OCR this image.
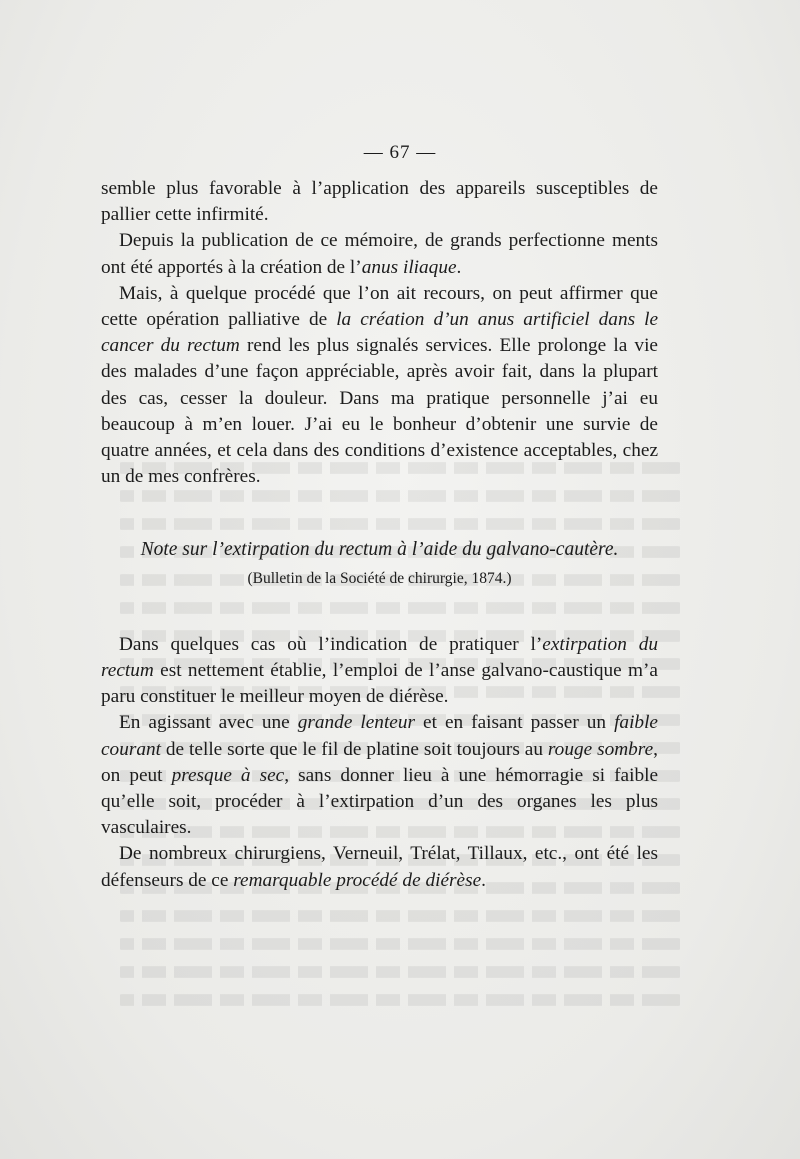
— 67 —

semble plus favorable à l’application des appareils susceptibles de pallier cette infirmité.

Depuis la publication de ce mémoire, de grands perfectionne ments ont été apportés à la création de l’anus iliaque.

Mais, à quelque procédé que l’on ait recours, on peut affirmer que cette opération palliative de la création d’un anus artificiel dans le cancer du rectum rend les plus signalés services. Elle prolonge la vie des malades d’une façon appréciable, après avoir fait, dans la plupart des cas, cesser la douleur. Dans ma pratique personnelle j’ai eu beaucoup à m’en louer. J’ai eu le bonheur d’obtenir une survie de quatre années, et cela dans des conditions d’existence acceptables, chez un de mes confrères.

Note sur l’extirpation du rectum à l’aide du galvano-cautère.

(Bulletin de la Société de chirurgie, 1874.)

Dans quelques cas où l’indication de pratiquer l’extirpation du rectum est nettement établie, l’emploi de l’anse galvano-caustique m’a paru constituer le meilleur moyen de diérèse.

En agissant avec une grande lenteur et en faisant passer un faible courant de telle sorte que le fil de platine soit toujours au rouge sombre, on peut presque à sec, sans donner lieu à une hémorragie si faible qu’elle soit, procéder à l’extirpation d’un des organes les plus vasculaires.

De nombreux chirurgiens, Verneuil, Trélat, Tillaux, etc., ont été les défenseurs de ce remarquable procédé de diérèse.
